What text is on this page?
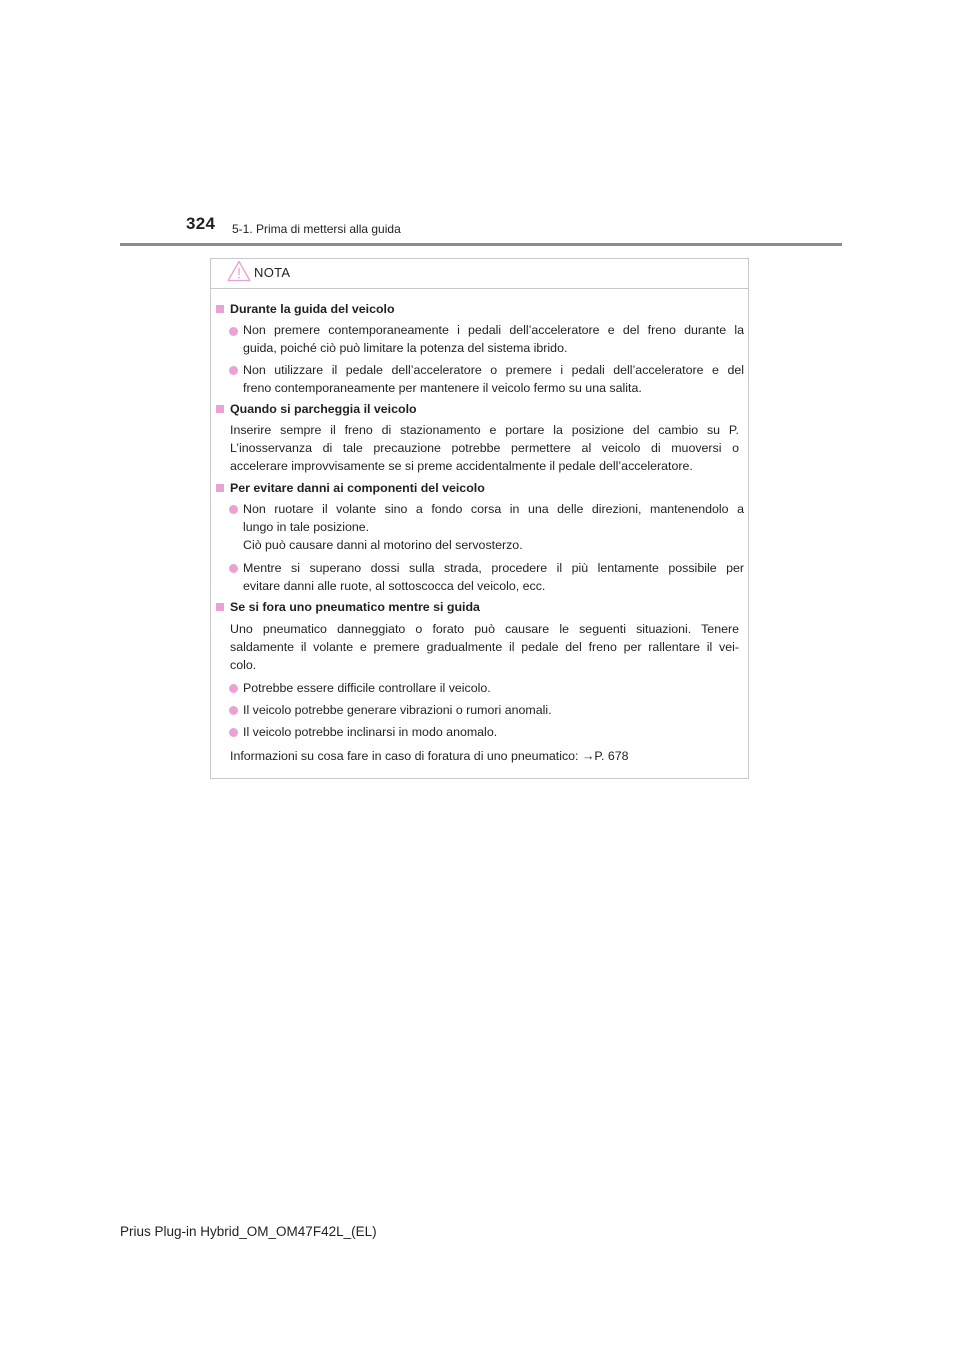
324 5-1. Prima di mettersi alla guida
NOTA
Durante la guida del veicolo
Non premere contemporaneamente i pedali dell’acceleratore e del freno durante la
guida, poiché ciò può limitare la potenza del sistema ibrido.
Non utilizzare il pedale dell’acceleratore o premere i pedali dell’acceleratore e del
freno contemporaneamente per mantenere il veicolo fermo su una salita.
Quando si parcheggia il veicolo
Inserire sempre il freno di stazionamento e portare la posizione del cambio su P.
L’inosservanza di tale precauzione potrebbe permettere al veicolo di muoversi o
accelerare improvvisamente se si preme accidentalmente il pedale dell’acceleratore.
Per evitare danni ai componenti del veicolo
Non ruotare il volante sino a fondo corsa in una delle direzioni, mantenendolo a
lungo in tale posizione.
Ciò può causare danni al motorino del servosterzo.
Mentre si superano dossi sulla strada, procedere il più lentamente possibile per
evitare danni alle ruote, al sottoscocca del veicolo, ecc.
Se si fora uno pneumatico mentre si guida
Uno pneumatico danneggiato o forato può causare le seguenti situazioni. Tenere
saldamente il volante e premere gradualmente il pedale del freno per rallentare il vei-
colo.
Potrebbe essere difficile controllare il veicolo.
Il veicolo potrebbe generare vibrazioni o rumori anomali.
Il veicolo potrebbe inclinarsi in modo anomalo.
Informazioni su cosa fare in caso di foratura di uno pneumatico: →P. 678
Prius Plug-in Hybrid_OM_OM47F42L_(EL)
